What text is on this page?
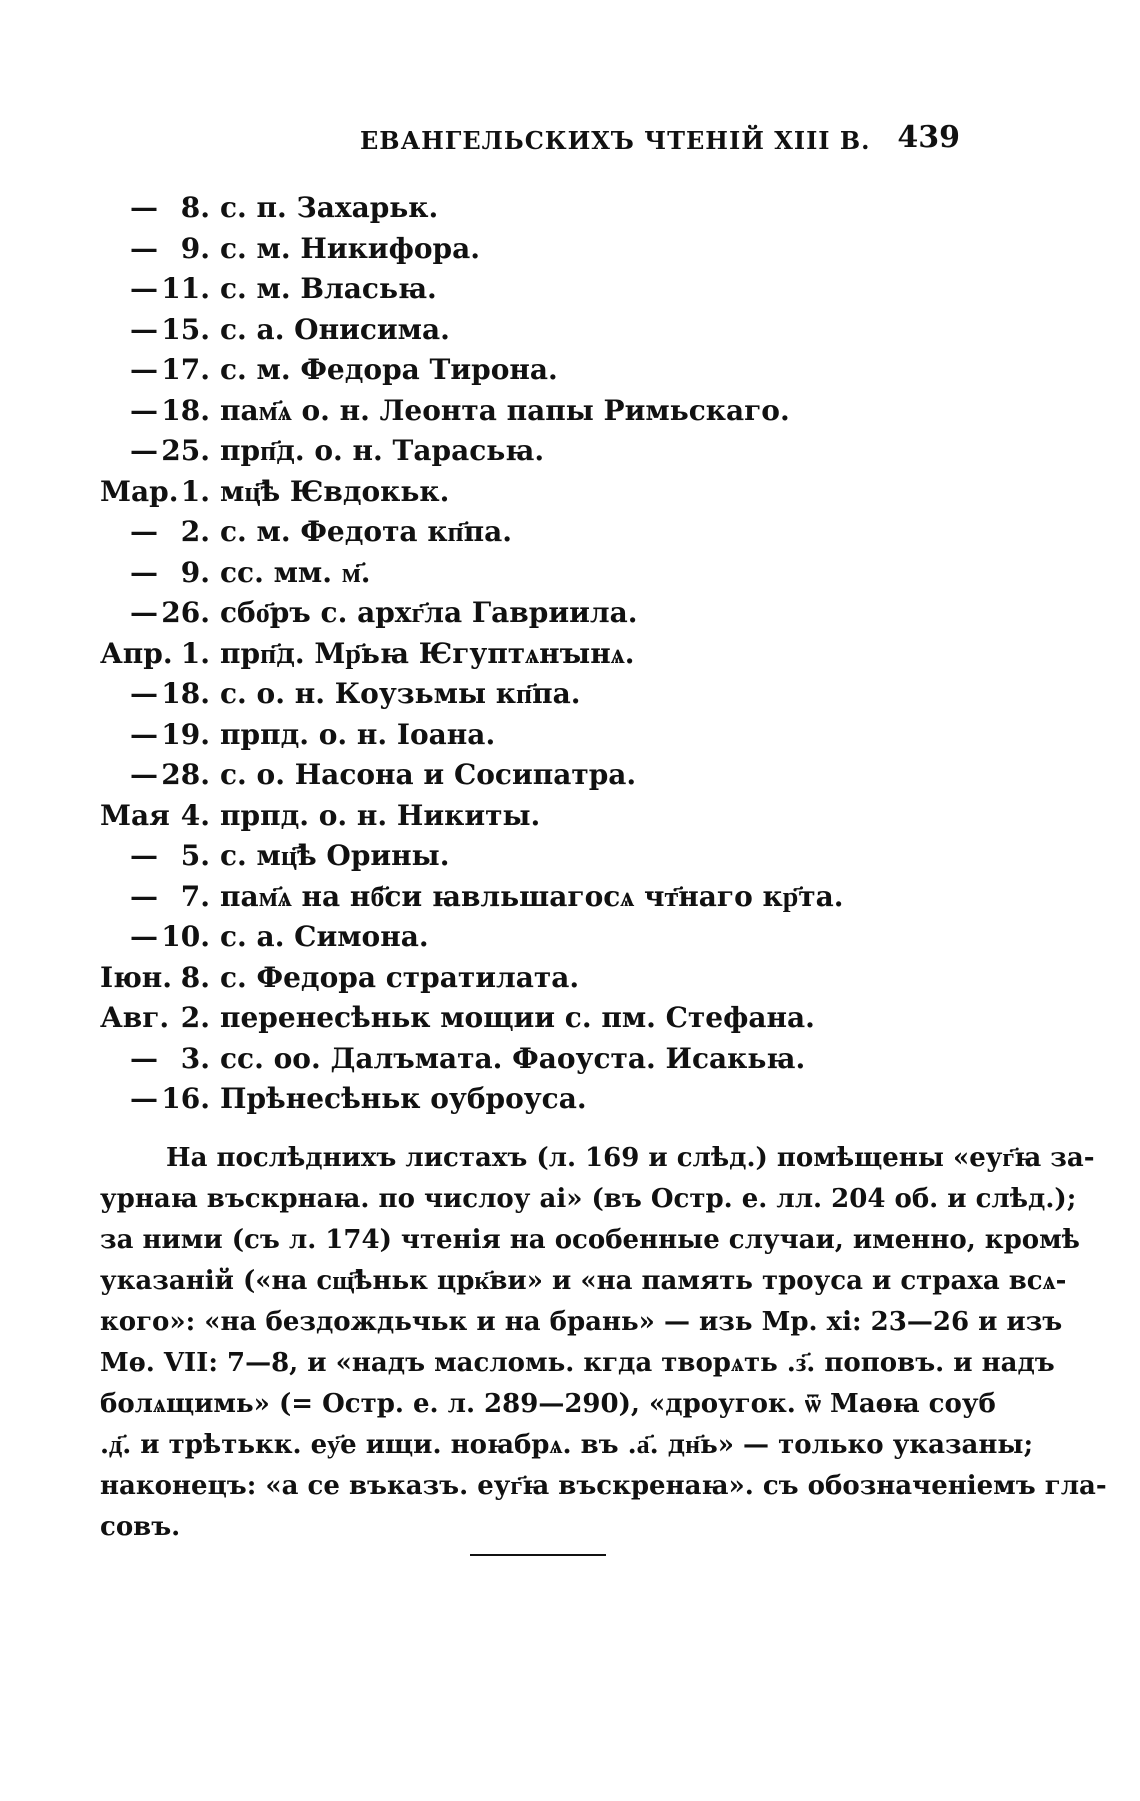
ЕВАНГЕЛЬСКИХЪ ЧТЕНІЙ XIII В. 439
— 8. с. п. Захарьк.
— 9. с. м. Никифора.
— 11. с. м. Власьꙗ.
— 15. с. а. Онисима.
— 17. с. м. Федора Тирона.
— 18. пам҃ѧ о. н. Леонта папы Римьскаго.
— 25. прп҃д. о. н. Тарасьꙗ.
Мар. 1. мц҃ѣ Ѥвдокьк.
— 2. с. м. Федота кп҃па.
— 9. сс. мм. м҃.
— 26. сбо҃ръ с. архг҃ла Гавриила.
Апр. 1. прп҃д. Мр҃ьꙗ Ѥгуптѧнꙑнѧ.
— 18. с. о. н. Коузьмы кп҃па.
— 19. прпд. о. н. Іоана.
— 28. с. о. Насона и Сосипатра.
Мая 4. прпд. о. н. Никиты.
— 5. с. мц҃ѣ Орины.
— 7. пам҃ѧ на нб҃си ꙗвльшагосѧ чт҃наго кр҃та.
— 10. с. а. Симона.
Іюн. 8. с. Федора стратилата.
Авг. 2. перенесѣньк мощии с. пм. Стефана.
— 3. сс. оо. Далъмата. Фаоуста. Исакьꙗ.
— 16. Прѣнесѣньк оуброуса.
На послѣднихъ листахъ (л. 169 и слѣд.) помѣщены «еуг҃ꙗ за-
урнаꙗ въскрнаꙗ. по числоу аі» (въ Остр. е. лл. 204 об. и слѣд.);
за ними (съ л. 174) чтенія на особенные случаи, именно, кромѣ
указаній («на сщ҃ѣньк црк҃ви» и «на память троуса и страха всѧ-
кого»: «на бездождьчьк и на брань» — изь Мр. хі: 23—26 и изъ
Мѳ. VII: 7—8, и «надъ масломь. кгда творѧть .з҃. поповъ. и надъ
болѧщимь» (= Остр. е. л. 289—290), «дроугок. ѿ Маѳꙗ соуб
.д҃. и трѣтькк. еу҃е ищи. ноꙗбрѧ. въ .а҃. дн҃ь» — только указаны;
наконецъ: «а се въказъ. еуг҃ꙗ въскренаꙗ». съ обозначеніемъ гла-
совъ.
